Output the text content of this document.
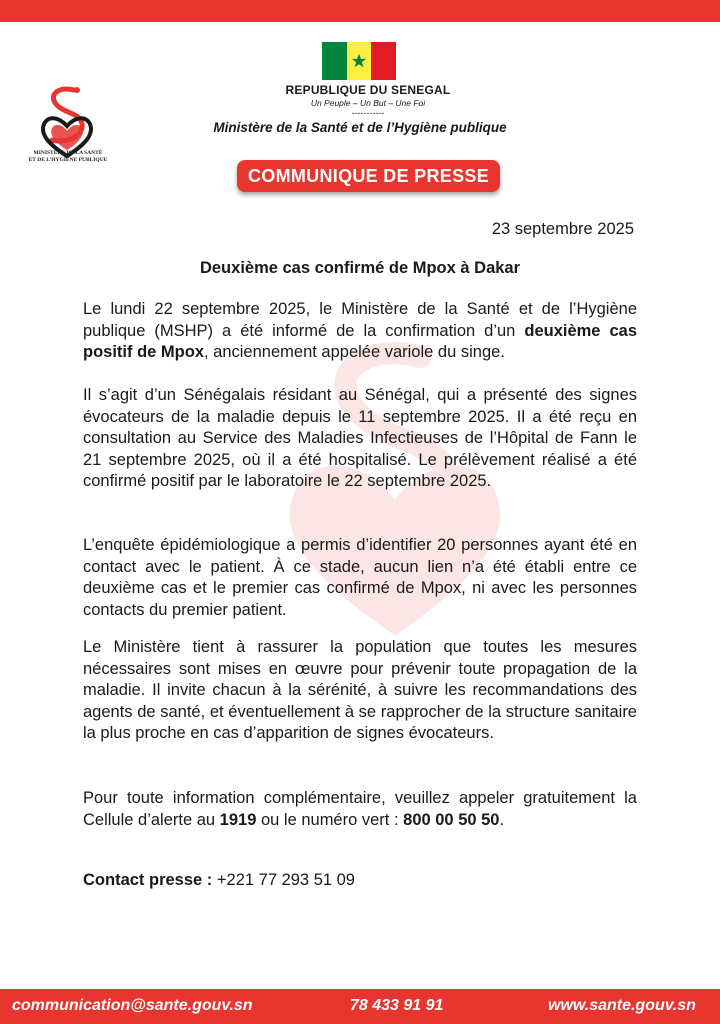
MINISTÈRE DE LA SANTÉ
ET DE L’HYGIÈNE PUBLIQUE
REPUBLIQUE DU SENEGAL
Un Peuple – Un But – Une Foi
-----------
Ministère de la Santé et de l’Hygiène publique
COMMUNIQUE DE PRESSE
23 septembre 2025
Deuxième cas confirmé de Mpox à Dakar

Le lundi 22 septembre 2025, le Ministère de la Santé et de l’Hygiène publique (MSHP) a été informé de la confirmation d’un deuxième cas positif de Mpox, anciennement appelée variole du singe.

Il s’agit d’un Sénégalais résidant au Sénégal, qui a présenté des signes évocateurs de la maladie depuis le 11 septembre 2025. Il a été reçu en consultation au Service des Maladies Infectieuses de l’Hôpital de Fann le 21 septembre 2025, où il a été hospitalisé. Le prélèvement réalisé a été confirmé positif par le laboratoire le 22 septembre 2025.

L’enquête épidémiologique a permis d’identifier 20 personnes ayant été en contact avec le patient. À ce stade, aucun lien n’a été établi entre ce deuxième cas et le premier cas confirmé de Mpox, ni avec les personnes contacts du premier patient.

Le Ministère tient à rassurer la population que toutes les mesures nécessaires sont mises en œuvre pour prévenir toute propagation de la maladie. Il invite chacun à la sérénité, à suivre les recommandations des agents de santé, et éventuellement à se rapprocher de la structure sanitaire la plus proche en cas d’apparition de signes évocateurs.

Pour toute information complémentaire, veuillez appeler gratuitement la Cellule d’alerte au 1919 ou le numéro vert : 800 00 50 50.

Contact presse : +221 77 293 51 09

communication@sante.gouv.sn	78 433 91 91	www.sante.gouv.sn
